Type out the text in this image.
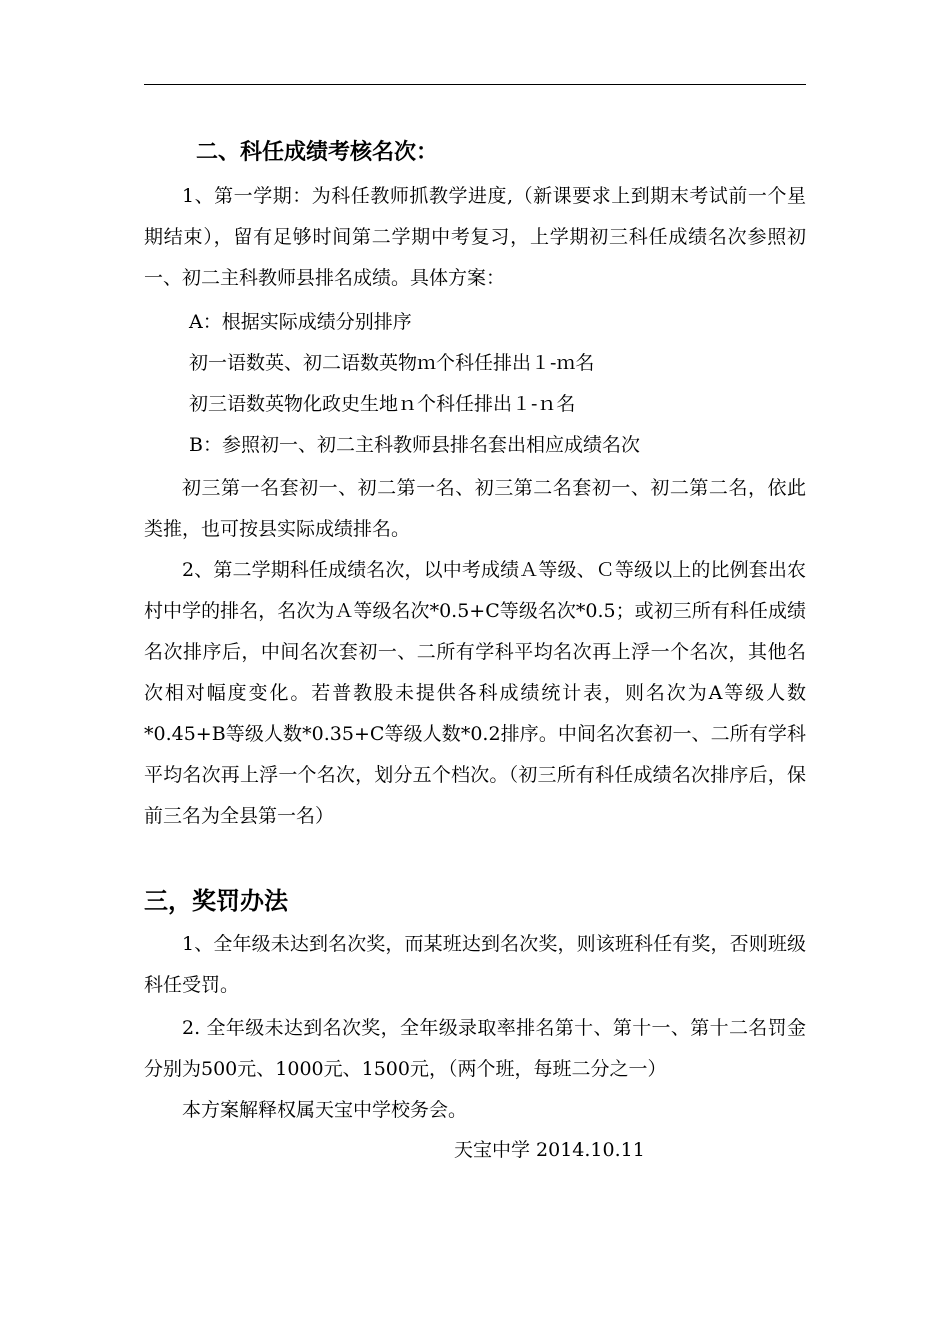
二、科任成绩考核名次：
1、第一学期：为科任教师抓教学进度,（新课要求上到期末考试前一个星期结束），留有足够时间第二学期中考复习，上学期初三科任成绩名次参照初一、初二主科教师县排名成绩。具体方案：
A：根据实际成绩分别排序
初一语数英、初二语数英物ｍ个科任排出１-ｍ名
初三语数英物化政史生地ｎ个科任排出１-ｎ名
B：参照初一、初二主科教师县排名套出相应成绩名次
初三第一名套初一、初二第一名、初三第二名套初一、初二第二名，依此类推，也可按县实际成绩排名。
2、第二学期科任成绩名次，以中考成绩Ａ等级、Ｃ等级以上的比例套出农村中学的排名，名次为Ａ等级名次*0.5+C等级名次*0.5；或初三所有科任成绩名次排序后，中间名次套初一、二所有学科平均名次再上浮一个名次，其他名次相对幅度变化。若普教股未提供各科成绩统计表，则名次为A等级人数*0.45+B等级人数*0.35+C等级人数*0.2排序。中间名次套初一、二所有学科平均名次再上浮一个名次，划分五个档次。（初三所有科任成绩名次排序后，保前三名为全县第一名）
三，奖罚办法
1、全年级未达到名次奖，而某班达到名次奖，则该班科任有奖，否则班级科任受罚。
2. 全年级未达到名次奖，全年级录取率排名第十、第十一、第十二名罚金分别为500元、1000元、1500元，（两个班，每班二分之一）
本方案解释权属天宝中学校务会。
天宝中学 2014.10.11
